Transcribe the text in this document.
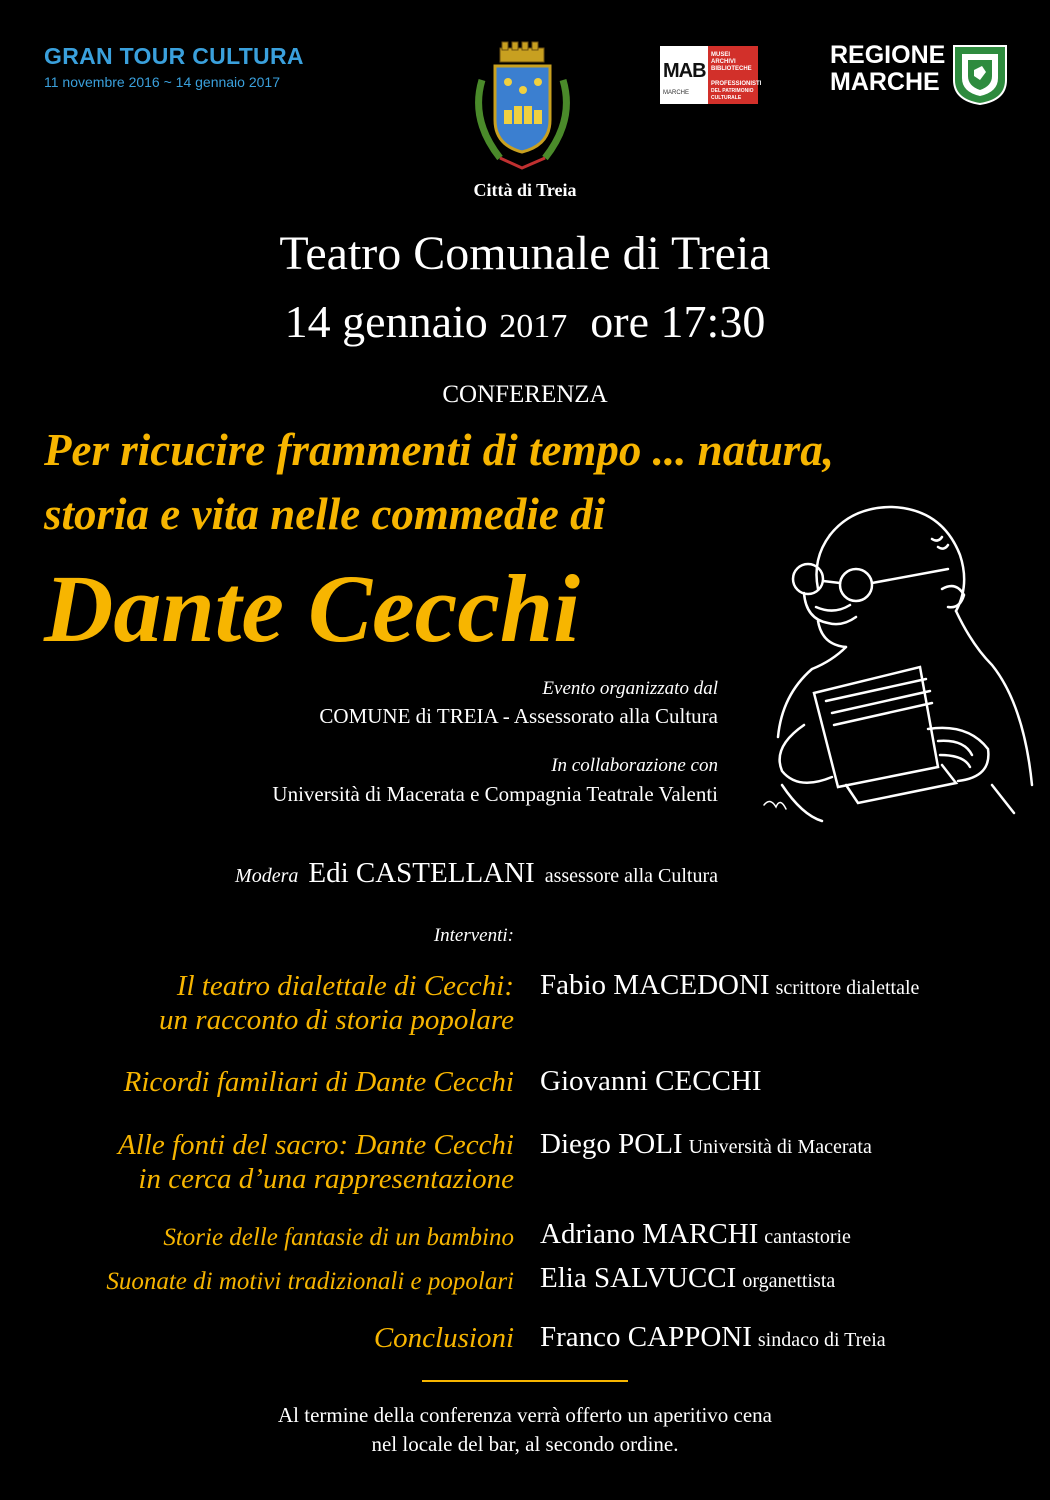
GRAN TOUR CULTURA
11 novembre 2016 ~ 14 gennaio 2017
Città di Treia
MAB
MARCHE
MUSEI
ARCHIVI
BIBLIOTECHE
PROFESSIONISTI
DEL PATRIMONIO CULTURALE
REGIONE
MARCHE
Teatro Comunale di Treia
14 gennaio 2017 ore 17:30
CONFERENZA
Per ricucire frammenti di tempo ... natura,
storia e vita nelle commedie di
Dante Cecchi
Evento organizzato dal
COMUNE di TREIA - Assessorato alla Cultura
In collaborazione con
Università di Macerata e Compagnia Teatrale Valenti
Modera Edi CASTELLANI assessore alla Cultura
Interventi:
Il teatro dialettale di Cecchi:
un racconto di storia popolare
Fabio MACEDONI scrittore dialettale
Ricordi familiari di Dante Cecchi Giovanni CECCHI
Alle fonti del sacro: Dante Cecchi
in cerca d’una rappresentazione
Diego POLI Università di Macerata
Storie delle fantasie di un bambino Adriano MARCHI cantastorie
Suonate di motivi tradizionali e popolari Elia SALVUCCI organettista
Conclusioni Franco CAPPONI sindaco di Treia
Al termine della conferenza verrà offerto un aperitivo cena
nel locale del bar, al secondo ordine.
